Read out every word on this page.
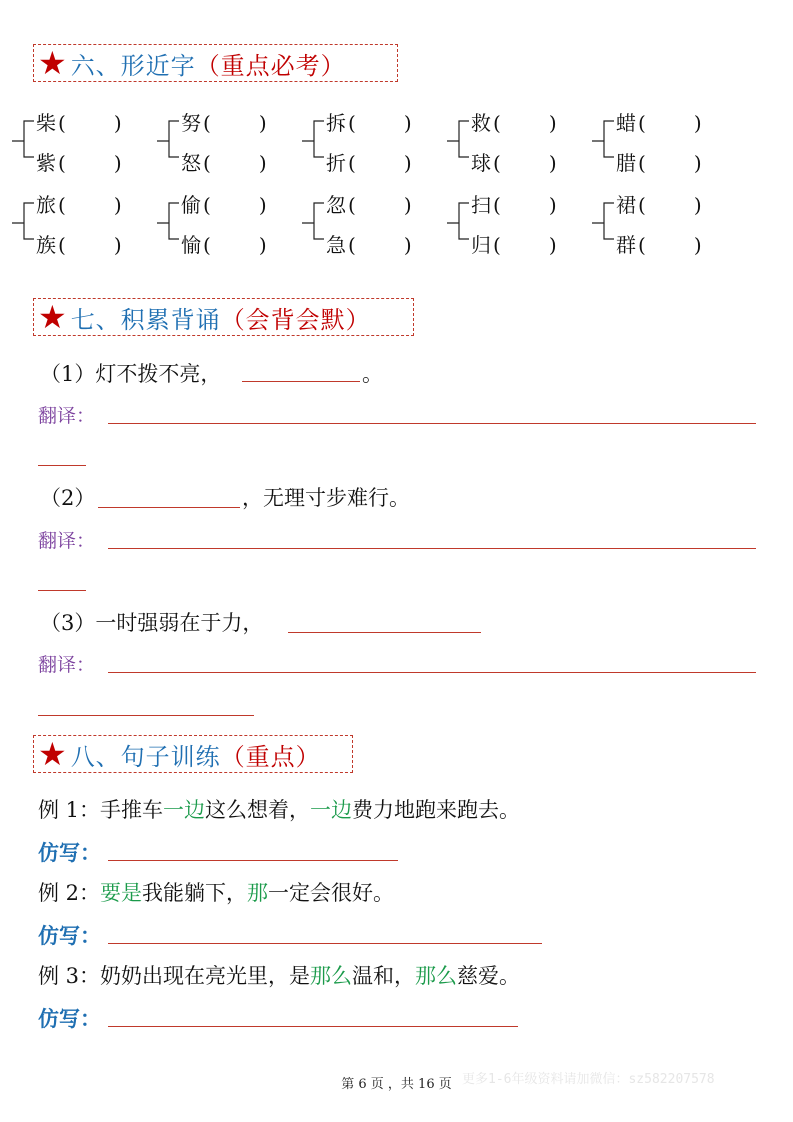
★ 六、形近字 （重点必考）
柴 ( )
紫 ( )
努 ( )
怒 ( )
拆 ( )
折 ( )
救 ( )
球 ( )
蜡 ( )
腊 ( )
旅 ( )
族 ( )
偷 ( )
愉 ( )
忽 ( )
急 ( )
扫 ( )
归 ( )
裙 ( )
群 ( )
★ 七、积累背诵 （会背会默）
（1）灯不拨不亮，	。
翻译：
（2）	，无理寸步难行。
翻译：
（3）一时强弱在于力，
翻译：
★ 八、句子训练 （重点）
例 1：手推车一边这么想着，一边费力地跑来跑去。
仿写：
例 2：要是我能躺下，那一定会很好。
仿写：
例 3：奶奶出现在亮光里，是那么温和，那么慈爱。
仿写：
第 6 页 ，共 16 页 更多1-6年级资料请加微信：sz582207578
